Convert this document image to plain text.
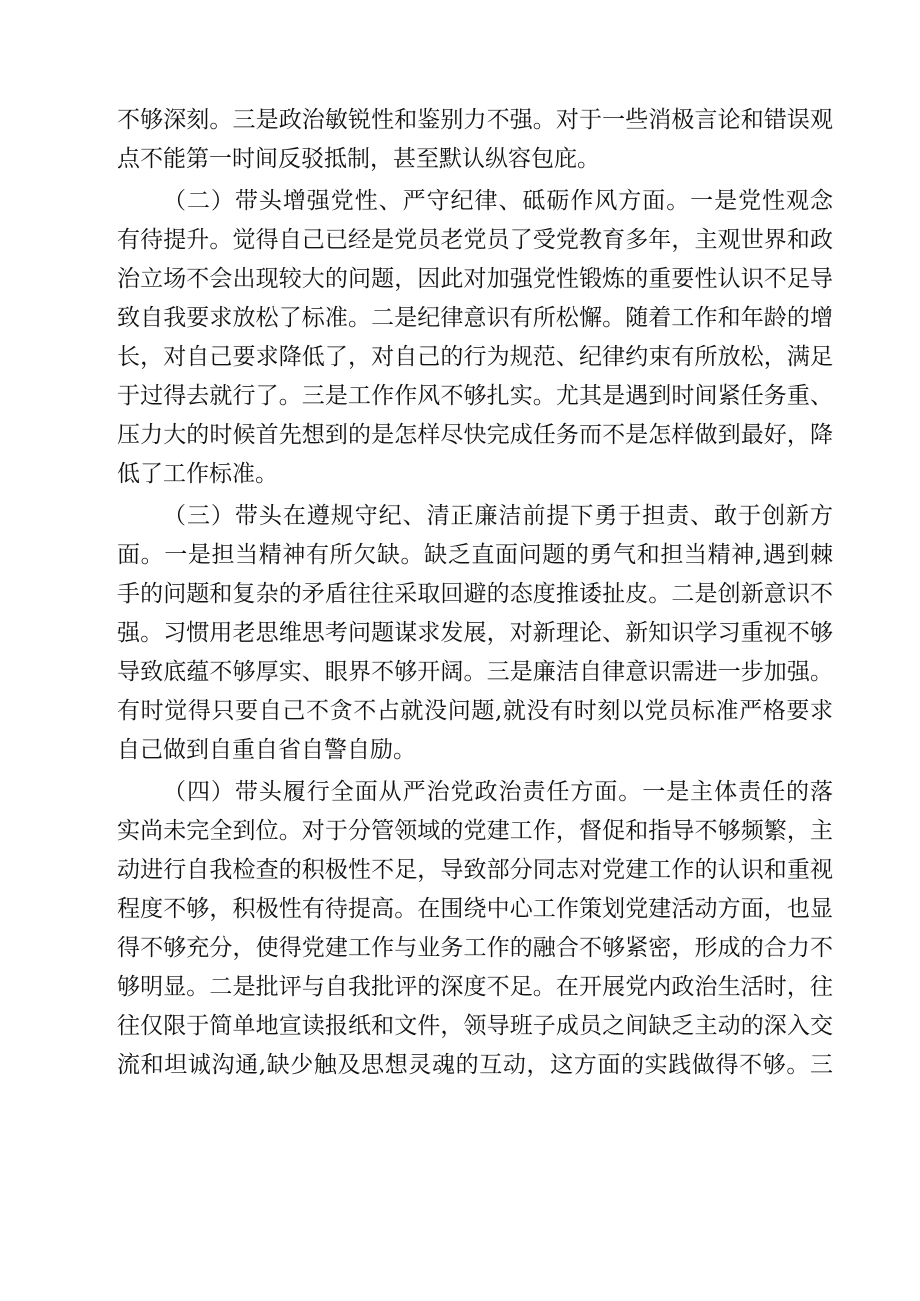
不够深刻。三是政治敏锐性和鉴别力不强。对于一些消极言论和错误观
点不能第一时间反驳抵制，甚至默认纵容包庇。
（二）带头增强党性、严守纪律、砥砺作风方面。一是党性观念
有待提升。觉得自己已经是党员老党员了受党教育多年，主观世界和政
治立场不会出现较大的问题，因此对加强党性锻炼的重要性认识不足导
致自我要求放松了标准。二是纪律意识有所松懈。随着工作和年龄的增
长，对自己要求降低了，对自己的行为规范、纪律约束有所放松，满足
于过得去就行了。三是工作作风不够扎实。尤其是遇到时间紧任务重、
压力大的时候首先想到的是怎样尽快完成任务而不是怎样做到最好，降
低了工作标准。
（三）带头在遵规守纪、清正廉洁前提下勇于担责、敢于创新方
面。一是担当精神有所欠缺。缺乏直面问题的勇气和担当精神,遇到棘
手的问题和复杂的矛盾往往采取回避的态度推诿扯皮。二是创新意识不
强。习惯用老思维思考问题谋求发展，对新理论、新知识学习重视不够
导致底蕴不够厚实、眼界不够开阔。三是廉洁自律意识需进一步加强。
有时觉得只要自己不贪不占就没问题,就没有时刻以党员标准严格要求
自己做到自重自省自警自励。
（四）带头履行全面从严治党政治责任方面。一是主体责任的落
实尚未完全到位。对于分管领域的党建工作，督促和指导不够频繁，主
动进行自我检查的积极性不足，导致部分同志对党建工作的认识和重视
程度不够，积极性有待提高。在围绕中心工作策划党建活动方面，也显
得不够充分，使得党建工作与业务工作的融合不够紧密，形成的合力不
够明显。二是批评与自我批评的深度不足。在开展党内政治生活时，往
往仅限于简单地宣读报纸和文件，领导班子成员之间缺乏主动的深入交
流和坦诚沟通,缺少触及思想灵魂的互动，这方面的实践做得不够。三
